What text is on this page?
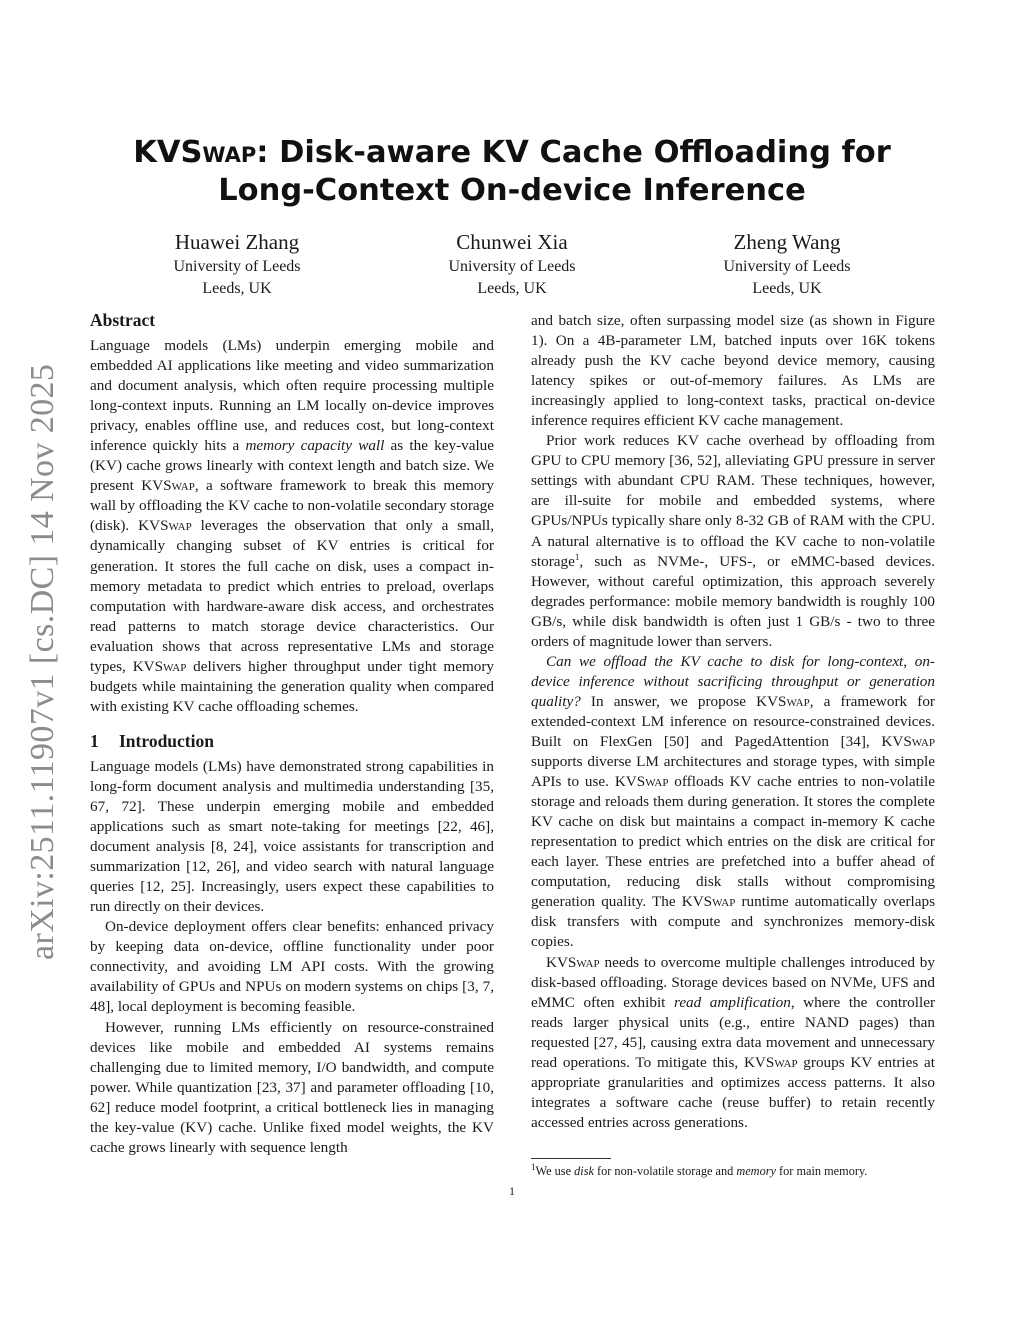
arXiv:2511.11907v1 [cs.DC] 14 Nov 2025
KVSwap: Disk-aware KV Cache Offloading for
Long-Context On-device Inference
Huawei Zhang
University of Leeds
Leeds, UK
Chunwei Xia
University of Leeds
Leeds, UK
Zheng Wang
University of Leeds
Leeds, UK
Abstract

Language models (LMs) underpin emerging mobile and embedded AI applications like meeting and video summarization and document analysis, which often require processing multiple long-context inputs. Running an LM locally on-device improves privacy, enables offline use, and reduces cost, but long-context inference quickly hits a memory capacity wall as the key-value (KV) cache grows linearly with context length and batch size. We present KVSwap, a software framework to break this memory wall by offloading the KV cache to non-volatile secondary storage (disk). KVSwap leverages the observation that only a small, dynamically changing subset of KV entries is critical for generation. It stores the full cache on disk, uses a compact in-memory metadata to predict which entries to preload, overlaps computation with hardware-aware disk access, and orchestrates read patterns to match storage device characteristics. Our evaluation shows that across representative LMs and storage types, KVSwap delivers higher throughput under tight memory budgets while maintaining the generation quality when compared with existing KV cache offloading schemes.

1 Introduction

Language models (LMs) have demonstrated strong capabilities in long-form document analysis and multimedia understanding [35, 67, 72]. These underpin emerging mobile and embedded applications such as smart note-taking for meetings [22, 46], document analysis [8, 24], voice assistants for transcription and summarization [12, 26], and video search with natural language queries [12, 25]. Increasingly, users expect these capabilities to run directly on their devices.

On-device deployment offers clear benefits: enhanced privacy by keeping data on-device, offline functionality under poor connectivity, and avoiding LM API costs. With the growing availability of GPUs and NPUs on modern systems on chips [3, 7, 48], local deployment is becoming feasible.

However, running LMs efficiently on resource-constrained devices like mobile and embedded AI systems remains challenging due to limited memory, I/O bandwidth, and compute power. While quantization [23, 37] and parameter offloading [10, 62] reduce model footprint, a critical bottleneck lies in managing the key-value (KV) cache. Unlike fixed model weights, the KV cache grows linearly with sequence length

and batch size, often surpassing model size (as shown in Figure 1). On a 4B-parameter LM, batched inputs over 16K tokens already push the KV cache beyond device memory, causing latency spikes or out-of-memory failures. As LMs are increasingly applied to long-context tasks, practical on-device inference requires efficient KV cache management.

Prior work reduces KV cache overhead by offloading from GPU to CPU memory [36, 52], alleviating GPU pressure in server settings with abundant CPU RAM. These techniques, however, are ill-suite for mobile and embedded systems, where GPUs/NPUs typically share only 8-32 GB of RAM with the CPU. A natural alternative is to offload the KV cache to non-volatile storage$^1$, such as NVMe-, UFS-, or eMMC-based devices. However, without careful optimization, this approach severely degrades performance: mobile memory bandwidth is roughly 100 GB/s, while disk bandwidth is often just 1 GB/s - two to three orders of magnitude lower than servers.

Can we offload the KV cache to disk for long-context, on-device inference without sacrificing throughput or generation quality? In answer, we propose KVSwap, a framework for extended-context LM inference on resource-constrained devices. Built on FlexGen [50] and PagedAttention [34], KVSwap supports diverse LM architectures and storage types, with simple APIs to use. KVSwap offloads KV cache entries to non-volatile storage and reloads them during generation. It stores the complete KV cache on disk but maintains a compact in-memory K cache representation to predict which entries on the disk are critical for each layer. These entries are prefetched into a buffer ahead of computation, reducing disk stalls without compromising generation quality. The KVSwap runtime automatically overlaps disk transfers with compute and synchronizes memory-disk copies.

KVSwap needs to overcome multiple challenges introduced by disk-based offloading. Storage devices based on NVMe, UFS and eMMC often exhibit read amplification, where the controller reads larger physical units (e.g., entire NAND pages) than requested [27, 45], causing extra data movement and unnecessary read operations. To mitigate this, KVSwap groups KV entries at appropriate granularities and optimizes access patterns. It also integrates a software cache (reuse buffer) to retain recently accessed entries across generations.

$^1$We use disk for non-volatile storage and memory for main memory.
1
